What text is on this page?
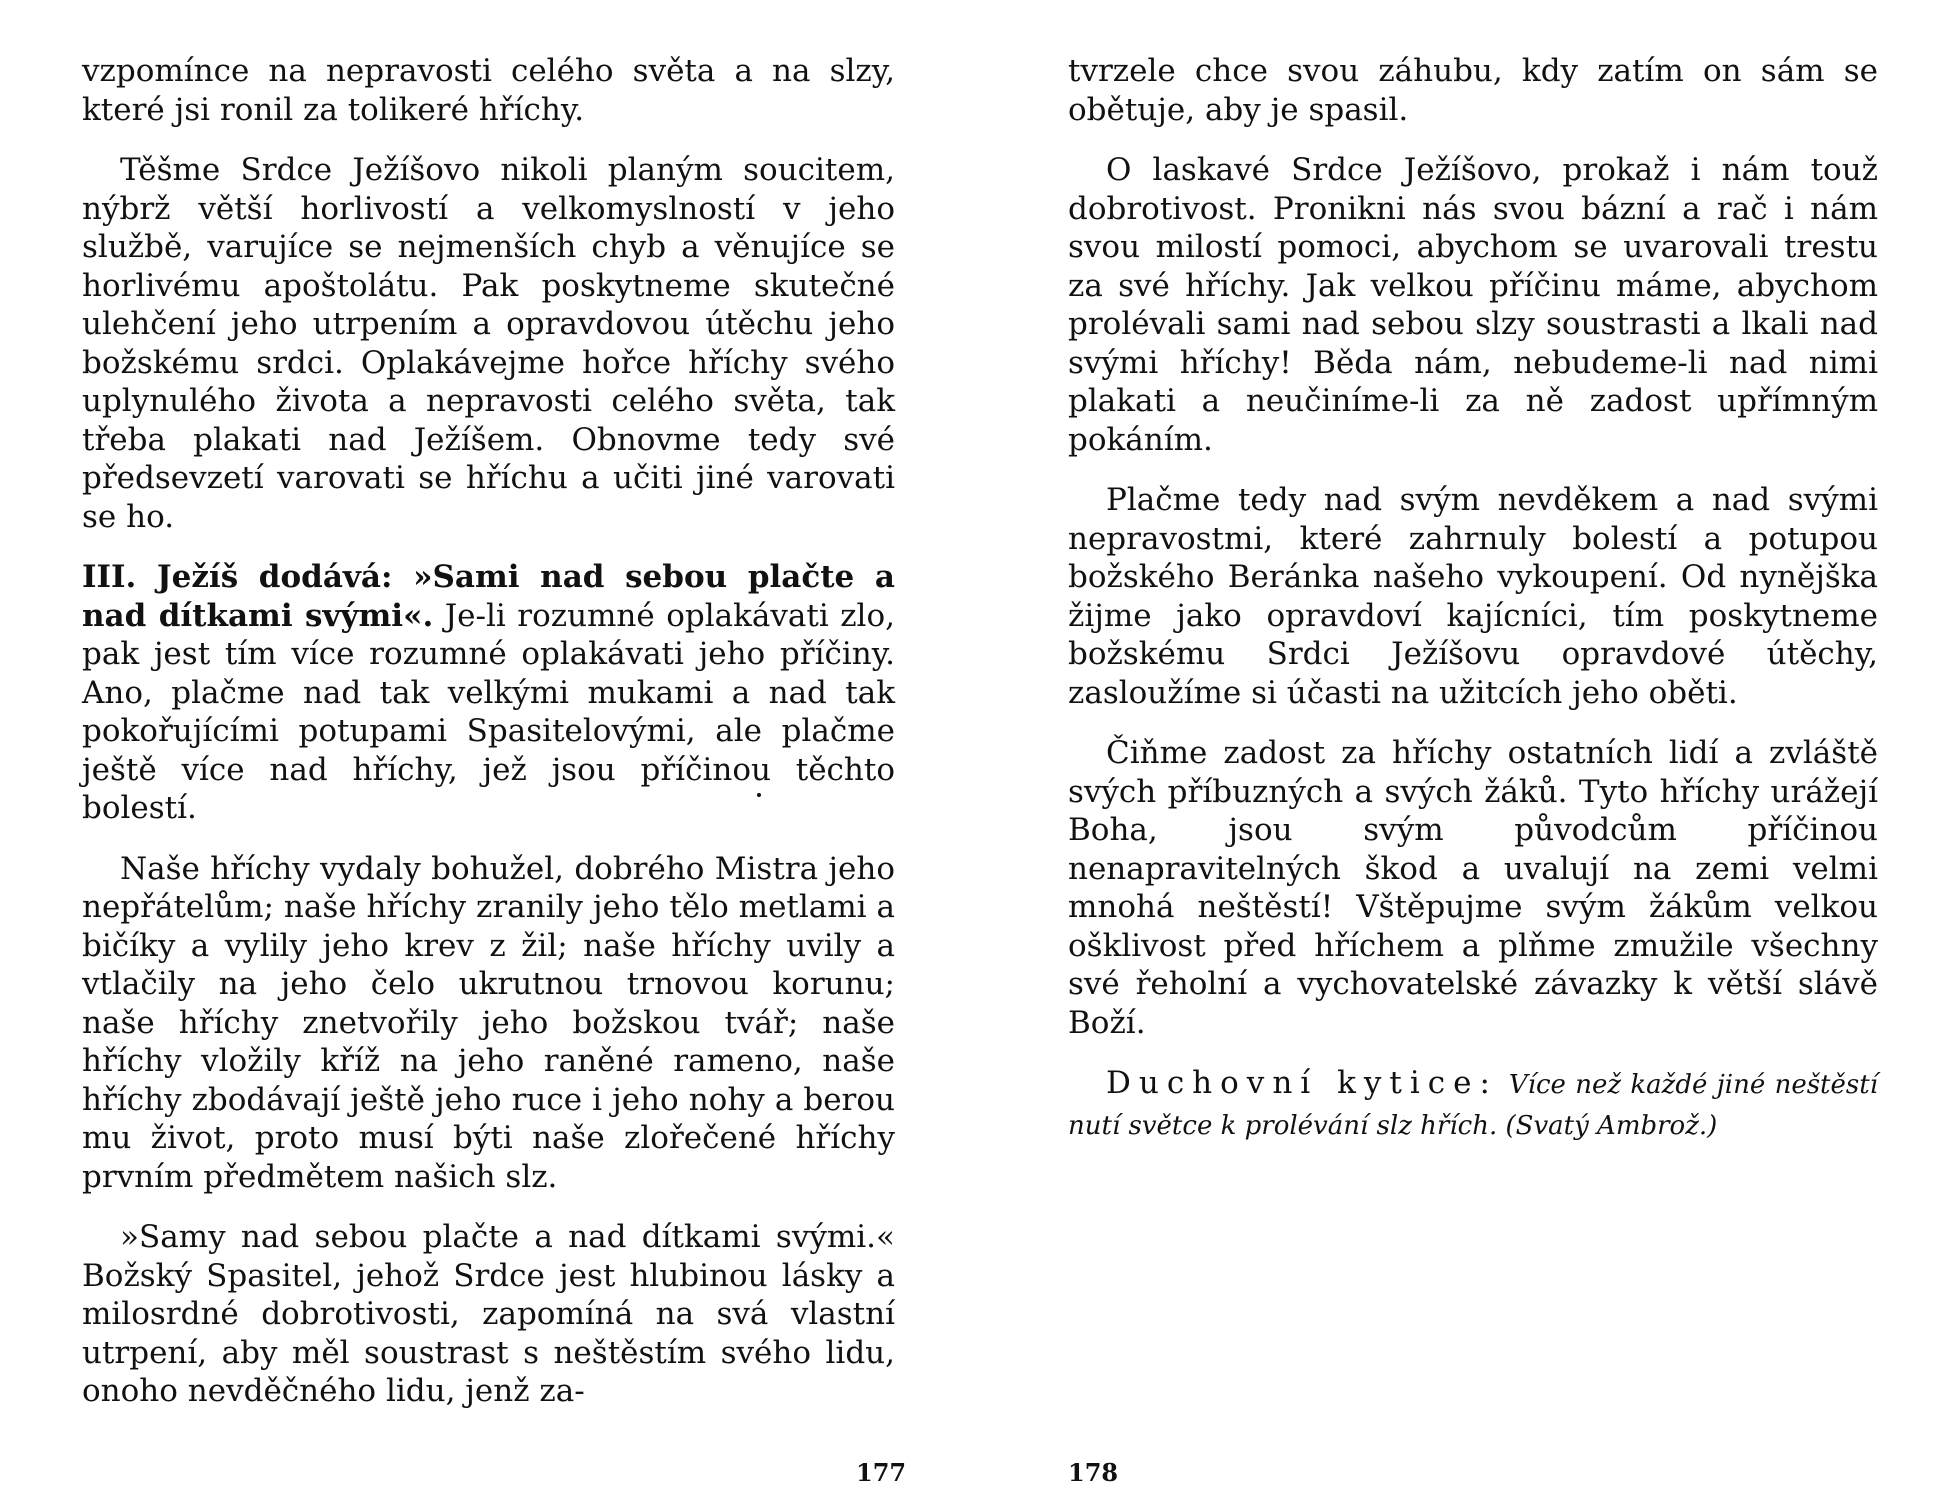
vzpomínce na nepravosti celého světa a na slzy, které jsi ronil za tolikeré hříchy.

Těšme Srdce Ježíšovo nikoli planým soucitem, nýbrž větší horlivostí a velkomyslností v jeho službě, varujíce se nejmenších chyb a věnujíce se horlivému apoštolátu. Pak poskytneme skutečné ulehčení jeho utrpením a opravdovou útěchu jeho božskému srdci. Oplakávejme hořce hříchy svého uplynulého života a nepravosti celého světa, tak třeba plakati nad Ježíšem. Obnovme tedy své předsevzetí varovati se hříchu a učiti jiné varovati se ho.

III. Ježíš dodává: »Sami nad sebou plačte a nad dítkami svými«. Je-li rozumné oplakávati zlo, pak jest tím více rozumné oplakávati jeho příčiny. Ano, plačme nad tak velkými mukami a nad tak pokořujícími potupami Spasitelovými, ale plačme ještě více nad hříchy, jež jsou příčinou těchto bolestí.

Naše hříchy vydaly bohužel, dobrého Mistra jeho nepřátelům; naše hříchy zranily jeho tělo metlami a bičíky a vylily jeho krev z žil; naše hříchy uvily a vtlačily na jeho čelo ukrutnou trnovou korunu; naše hříchy znetvořily jeho božskou tvář; naše hříchy vložily kříž na jeho raněné rameno, naše hříchy zbodávají ještě jeho ruce i jeho nohy a berou mu život, proto musí býti naše zlořečené hříchy prvním předmětem našich slz.

»Samy nad sebou plačte a nad dítkami svými.« Božský Spasitel, jehož Srdce jest hlubinou lásky a milosrdné dobrotivosti, zapomíná na svá vlastní utrpení, aby měl soustrast s neštěstím svého lidu, onoho nevděčného lidu, jenž za-

177

tvrzele chce svou záhubu, kdy zatím on sám se obětuje, aby je spasil.

O laskavé Srdce Ježíšovo, prokaž i nám touž dobrotivost. Pronikni nás svou bázní a rač i nám svou milostí pomoci, abychom se uvarovali trestu za své hříchy. Jak velkou příčinu máme, abychom prolévali sami nad sebou slzy soustrasti a lkali nad svými hříchy! Běda nám, nebudeme-li nad nimi plakati a neučiníme-li za ně zadost upřímným pokáním.

Plačme tedy nad svým nevděkem a nad svými nepravostmi, které zahrnuly bolestí a potupou božského Beránka našeho vykoupení. Od nynějška žijme jako opravdoví kajícníci, tím poskytneme božskému Srdci Ježíšovu opravdové útěchy, zasloužíme si účasti na užitcích jeho oběti.

Čiňme zadost za hříchy ostatních lidí a zvláště svých příbuzných a svých žáků. Tyto hříchy urážejí Boha, jsou svým původcům příčinou nenapravitelných škod a uvalují na zemi velmi mnohá neštěstí! Vštěpujme svým žákům velkou ošklivost před hříchem a plňme zmužile všechny své řeholní a vychovatelské závazky k větší slávě Boží.

Duchovní kytice: Více než každé jiné neštěstí nutí světce k prolévání slz hřích. (Svatý Ambrož.)

178
